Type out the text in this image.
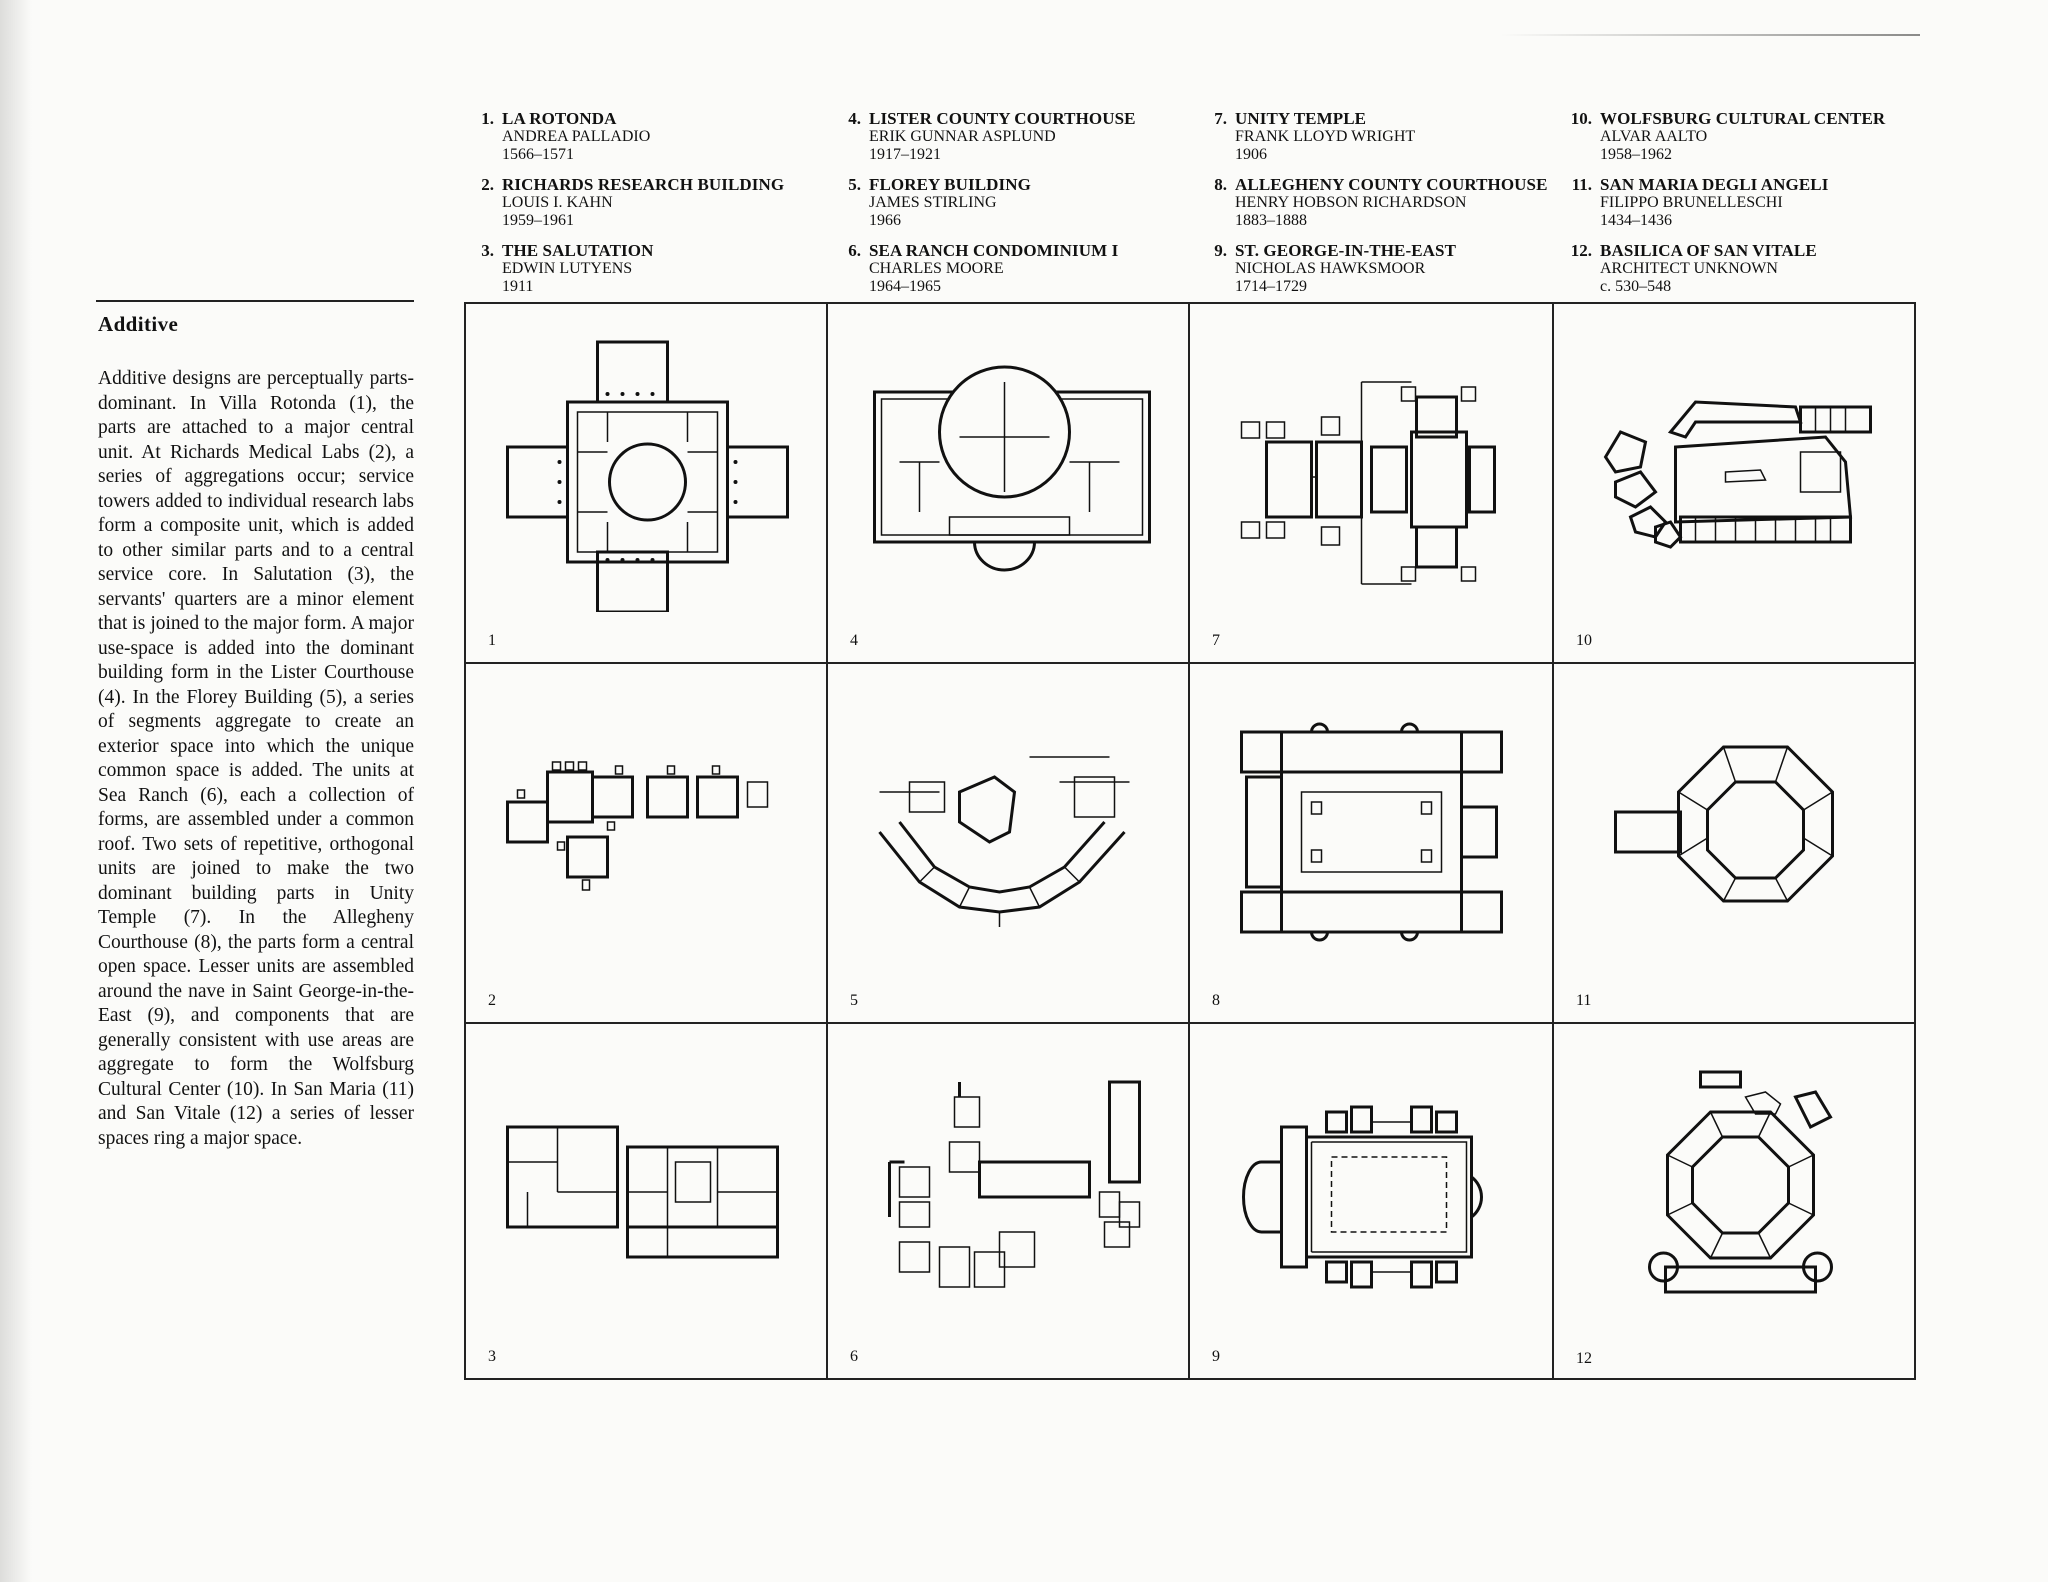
1. LA ROTONDA
ANDREA PALLADIO
1566–1571
2. RICHARDS RESEARCH BUILDING
LOUIS I. KAHN
1959–1961
3. THE SALUTATION
EDWIN LUTYENS
1911
4. LISTER COUNTY COURTHOUSE
ERIK GUNNAR ASPLUND
1917–1921
5. FLOREY BUILDING
JAMES STIRLING
1966
6. SEA RANCH CONDOMINIUM I
CHARLES MOORE
1964–1965
7. UNITY TEMPLE
FRANK LLOYD WRIGHT
1906
8. ALLEGHENY COUNTY COURTHOUSE
HENRY HOBSON RICHARDSON
1883–1888
9. ST. GEORGE-IN-THE-EAST
NICHOLAS HAWKSMOOR
1714–1729
10. WOLFSBURG CULTURAL CENTER
ALVAR AALTO
1958–1962
11. SAN MARIA DEGLI ANGELI
FILIPPO BRUNELLESCHI
1434–1436
12. BASILICA OF SAN VITALE
ARCHITECT UNKNOWN
c. 530–548
Additive

Additive designs are perceptually parts-dominant. In Villa Rotonda (1), the parts are attached to a major central unit. At Richards Medical Labs (2), a series of aggregations occur; service towers added to individual research labs form a composite unit, which is added to other similar parts and to a central service core. In Salutation (3), the servants' quarters are a minor element that is joined to the major form. A major use-space is added into the dominant building form in the Lister Courthouse (4). In the Florey Building (5), a series of segments aggregate to create an exterior space into which the unique common space is added. The units at Sea Ranch (6), each a collection of forms, are assembled under a common roof. Two sets of repetitive, orthogonal units are joined to make the two dominant building parts in Unity Temple (7). In the Allegheny Courthouse (8), the parts form a central open space. Lesser units are assembled around the nave in Saint George-in-the-East (9), and components that are generally consistent with use areas are aggregate to form the Wolfsburg Cultural Center (10). In San Maria (11) and San Vitale (12) a series of lesser spaces ring a major space.

1
2
3
4
5
6
7
8
9
10
11
12
